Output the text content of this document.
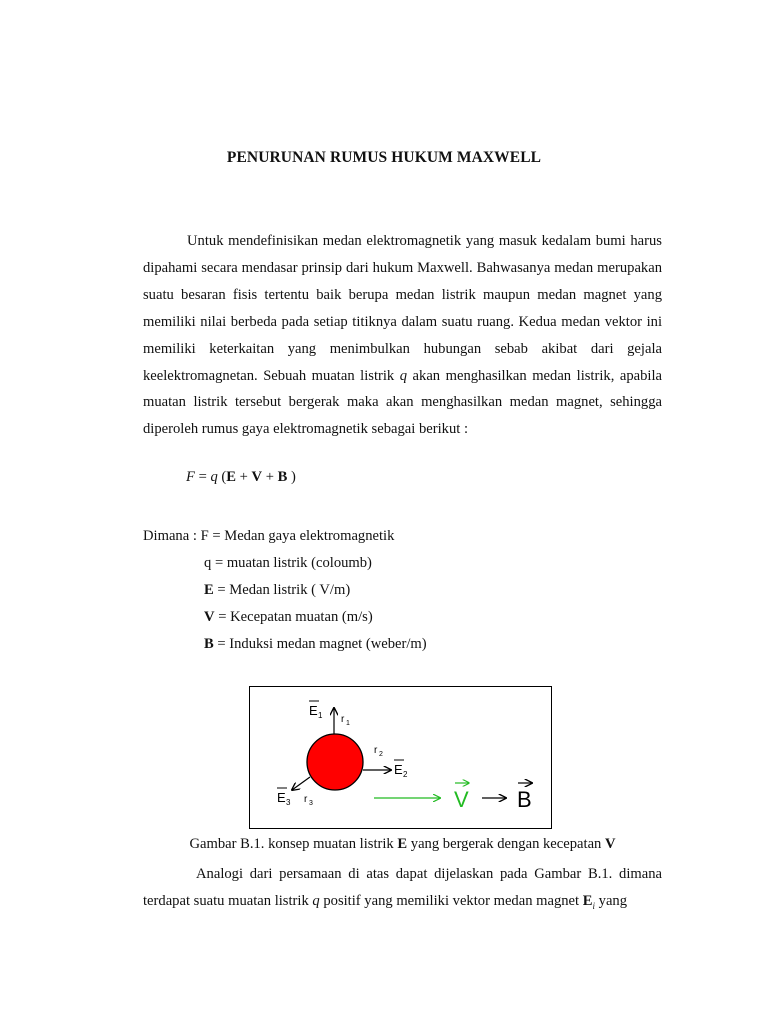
PENURUNAN RUMUS HUKUM MAXWELL

Untuk mendefinisikan medan elektromagnetik yang masuk kedalam bumi harus dipahami secara mendasar prinsip dari hukum Maxwell. Bahwasanya medan merupakan suatu besaran fisis tertentu baik berupa medan listrik maupun medan magnet yang memiliki nilai berbeda pada setiap titiknya dalam suatu ruang. Kedua medan vektor ini memiliki keterkaitan yang menimbulkan hubungan sebab akibat dari gejala keelektromagnetan. Sebuah muatan listrik q akan menghasilkan medan listrik, apabila muatan listrik tersebut bergerak maka akan menghasilkan medan magnet, sehingga diperoleh rumus gaya elektromagnetik sebagai berikut :

F = q (E + V + B )
Dimana : F = Medan gaya elektromagnetik
q = muatan listrik (coloumb)
E = Medan listrik ( V/m)
V = Kecepatan muatan (m/s)
B = Induksi medan magnet (weber/m)
E 1 r 1
r 2
E 2
E 3 r 3	V B
Gambar B.1. konsep muatan listrik E yang bergerak dengan kecepatan V

Analogi dari persamaan di atas dapat dijelaskan pada Gambar B.1. dimana terdapat suatu muatan listrik q positif yang memiliki vektor medan magnet $E_i$ yang
